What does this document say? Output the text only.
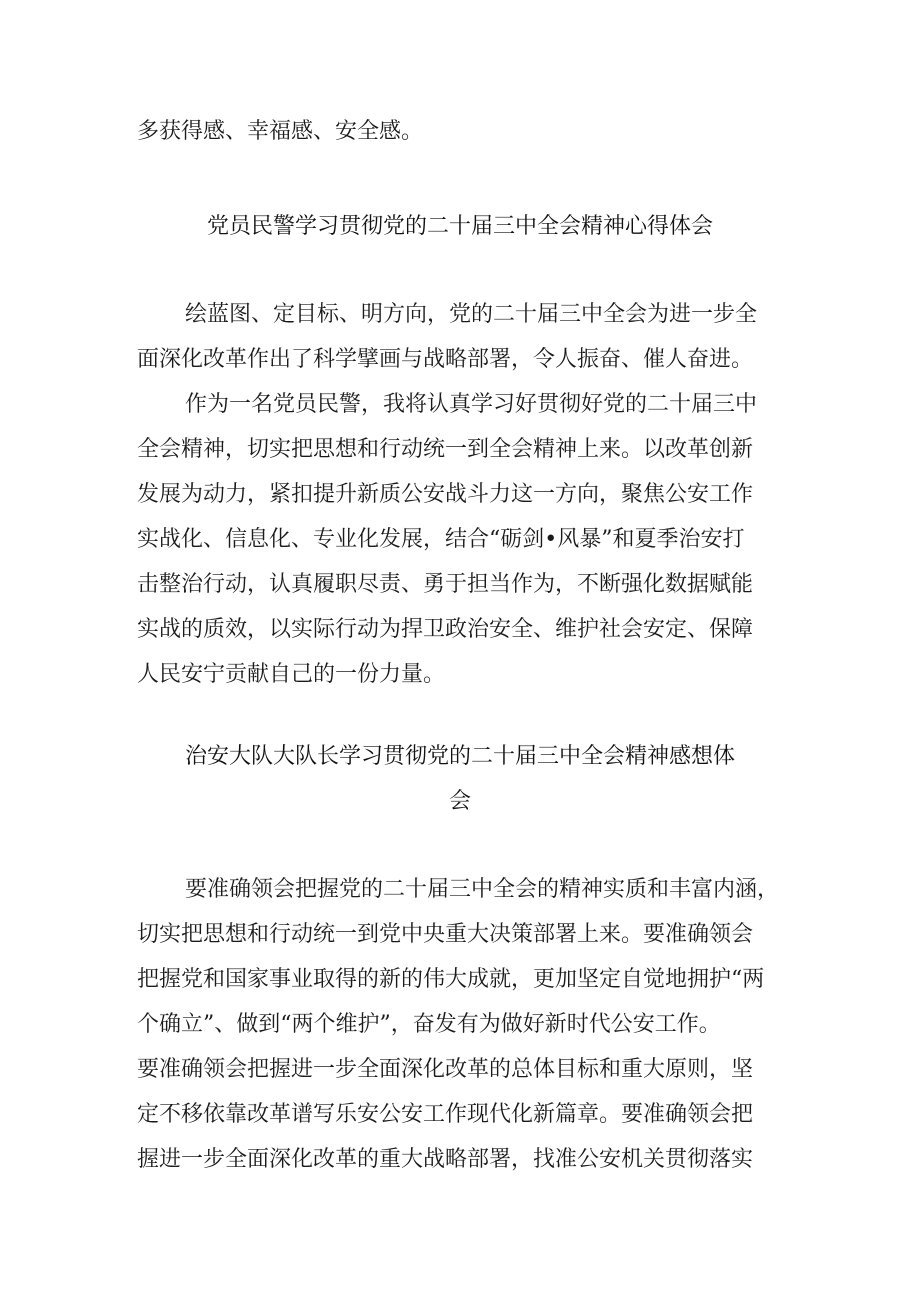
多获得感、幸福感、安全感。
党员民警学习贯彻党的二十届三中全会精神心得体会
绘蓝图、定目标、明方向，党的二十届三中全会为进一步全
面深化改革作出了科学擘画与战略部署，令人振奋、催人奋进。
作为一名党员民警，我将认真学习好贯彻好党的二十届三中
全会精神，切实把思想和行动统一到全会精神上来。以改革创新
发展为动力，紧扣提升新质公安战斗力这一方向，聚焦公安工作
实战化、信息化、专业化发展，结合“砺剑•风暴”和夏季治安打
击整治行动，认真履职尽责、勇于担当作为，不断强化数据赋能
实战的质效，以实际行动为捍卫政治安全、维护社会安定、保障
人民安宁贡献自己的一份力量。
治安大队大队长学习贯彻党的二十届三中全会精神感想体
会
要准确领会把握党的二十届三中全会的精神实质和丰富内涵，
切实把思想和行动统一到党中央重大决策部署上来。要准确领会
把握党和国家事业取得的新的伟大成就，更加坚定自觉地拥护“两
个确立”、做到“两个维护”，奋发有为做好新时代公安工作。
要准确领会把握进一步全面深化改革的总体目标和重大原则，坚
定不移依靠改革谱写乐安公安工作现代化新篇章。要准确领会把
握进一步全面深化改革的重大战略部署，找准公安机关贯彻落实
